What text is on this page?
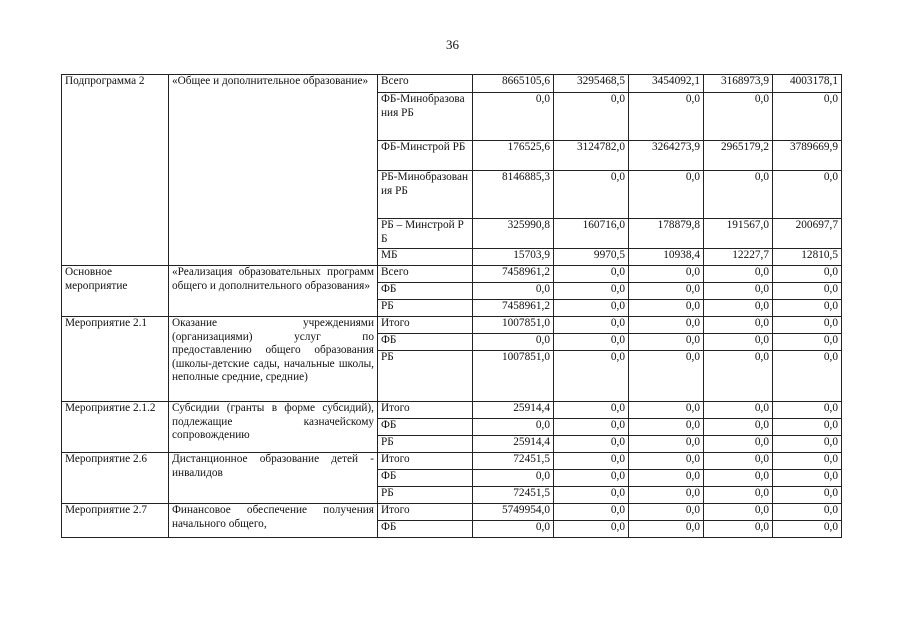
36
Подпрограмма 2	«Общее и дополнительное образование»	Всего	8665105,6	3295468,5	3454092,1	3168973,9	4003178,1
		ФБ-Минобразования РБ	0,0	0,0	0,0	0,0	0,0
		ФБ-Минстрой РБ	176525,6	3124782,0	3264273,9	2965179,2	3789669,9
		РБ-Минобразования РБ	8146885,3	0,0	0,0	0,0	0,0
		РБ – Минстрой РБ	325990,8	160716,0	178879,8	191567,0	200697,7
		МБ	15703,9	9970,5	10938,4	12227,7	12810,5
Основное мероприятие	«Реализация образовательных программ общего и дополнительного образования»	Всего	7458961,2	0,0	0,0	0,0	0,0
		ФБ	0,0	0,0	0,0	0,0	0,0
		РБ	7458961,2	0,0	0,0	0,0	0,0
Мероприятие 2.1	Оказание учреждениями (организациями) услуг по предоставлению общего образования (школы-детские сады, начальные школы, неполные средние, средние)	Итого	1007851,0	0,0	0,0	0,0	0,0
		ФБ	0,0	0,0	0,0	0,0	0,0
		РБ	1007851,0	0,0	0,0	0,0	0,0
Мероприятие 2.1.2	Субсидии (гранты в форме субсидий), подлежащие казначейскому сопровождению	Итого	25914,4	0,0	0,0	0,0	0,0
		ФБ	0,0	0,0	0,0	0,0	0,0
		РБ	25914,4	0,0	0,0	0,0	0,0
Мероприятие 2.6	Дистанционное образование детей - инвалидов	Итого	72451,5	0,0	0,0	0,0	0,0
		ФБ	0,0	0,0	0,0	0,0	0,0
		РБ	72451,5	0,0	0,0	0,0	0,0
Мероприятие 2.7	Финансовое обеспечение получения начального общего,	Итого	5749954,0	0,0	0,0	0,0	0,0
		ФБ	0,0	0,0	0,0	0,0	0,0
